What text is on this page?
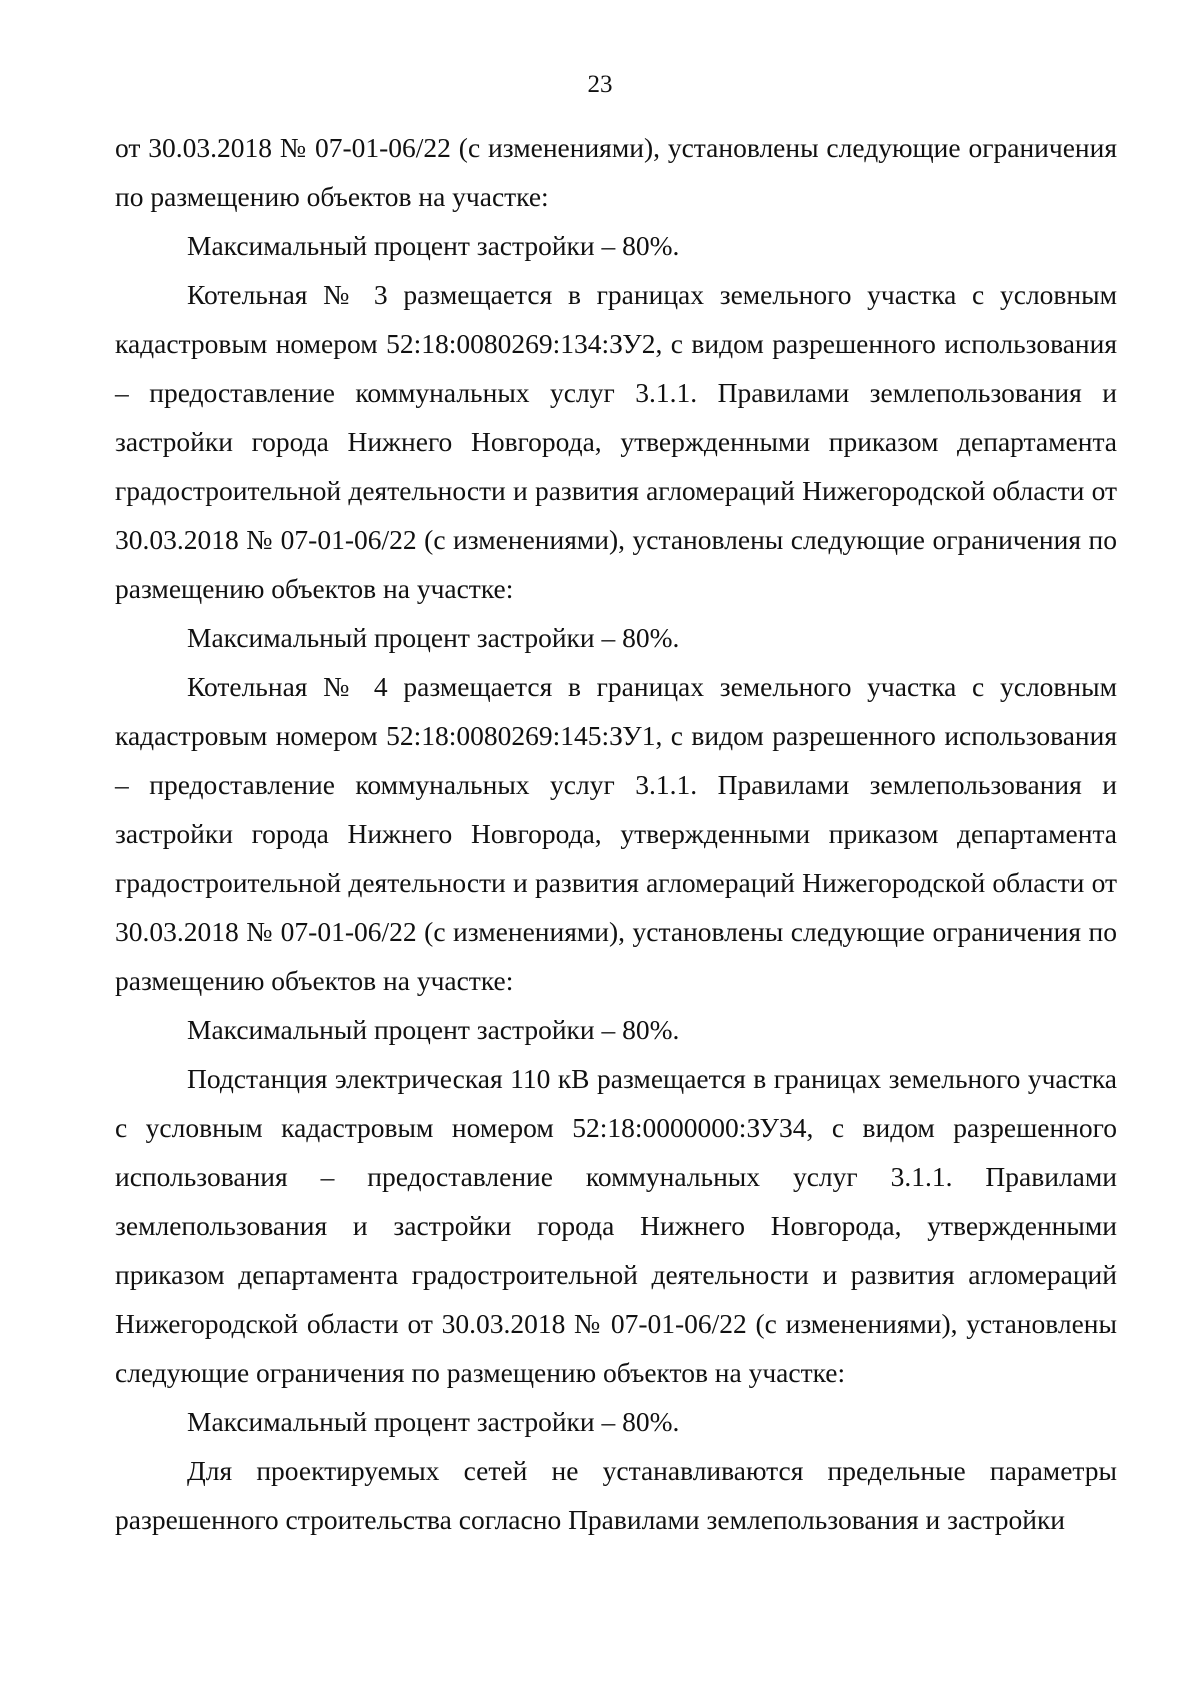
23

от 30.03.2018 № 07-01-06/22 (с изменениями), установлены следующие ограничения по размещению объектов на участке:

Максимальный процент застройки – 80%.

Котельная № 3 размещается в границах земельного участка с условным кадастровым номером 52:18:0080269:134:ЗУ2, с видом разрешенного использования – предоставление коммунальных услуг 3.1.1. Правилами землепользования и застройки города Нижнего Новгорода, утвержденными приказом департамента градостроительной деятельности и развития агломераций Нижегородской области от 30.03.2018 № 07-01-06/22 (с изменениями), установлены следующие ограничения по размещению объектов на участке:

Максимальный процент застройки – 80%.

Котельная № 4 размещается в границах земельного участка с условным кадастровым номером 52:18:0080269:145:ЗУ1, с видом разрешенного использования – предоставление коммунальных услуг 3.1.1. Правилами землепользования и застройки города Нижнего Новгорода, утвержденными приказом департамента градостроительной деятельности и развития агломераций Нижегородской области от 30.03.2018 № 07-01-06/22 (с изменениями), установлены следующие ограничения по размещению объектов на участке:

Максимальный процент застройки – 80%.

Подстанция электрическая 110 кВ размещается в границах земельного участка с условным кадастровым номером 52:18:0000000:ЗУ34, с видом разрешенного использования – предоставление коммунальных услуг 3.1.1. Правилами землепользования и застройки города Нижнего Новгорода, утвержденными приказом департамента градостроительной деятельности и развития агломераций Нижегородской области от 30.03.2018 № 07-01-06/22 (с изменениями), установлены следующие ограничения по размещению объектов на участке:

Максимальный процент застройки – 80%.

Для проектируемых сетей не устанавливаются предельные параметры разрешенного строительства согласно Правилами землепользования и застройки
